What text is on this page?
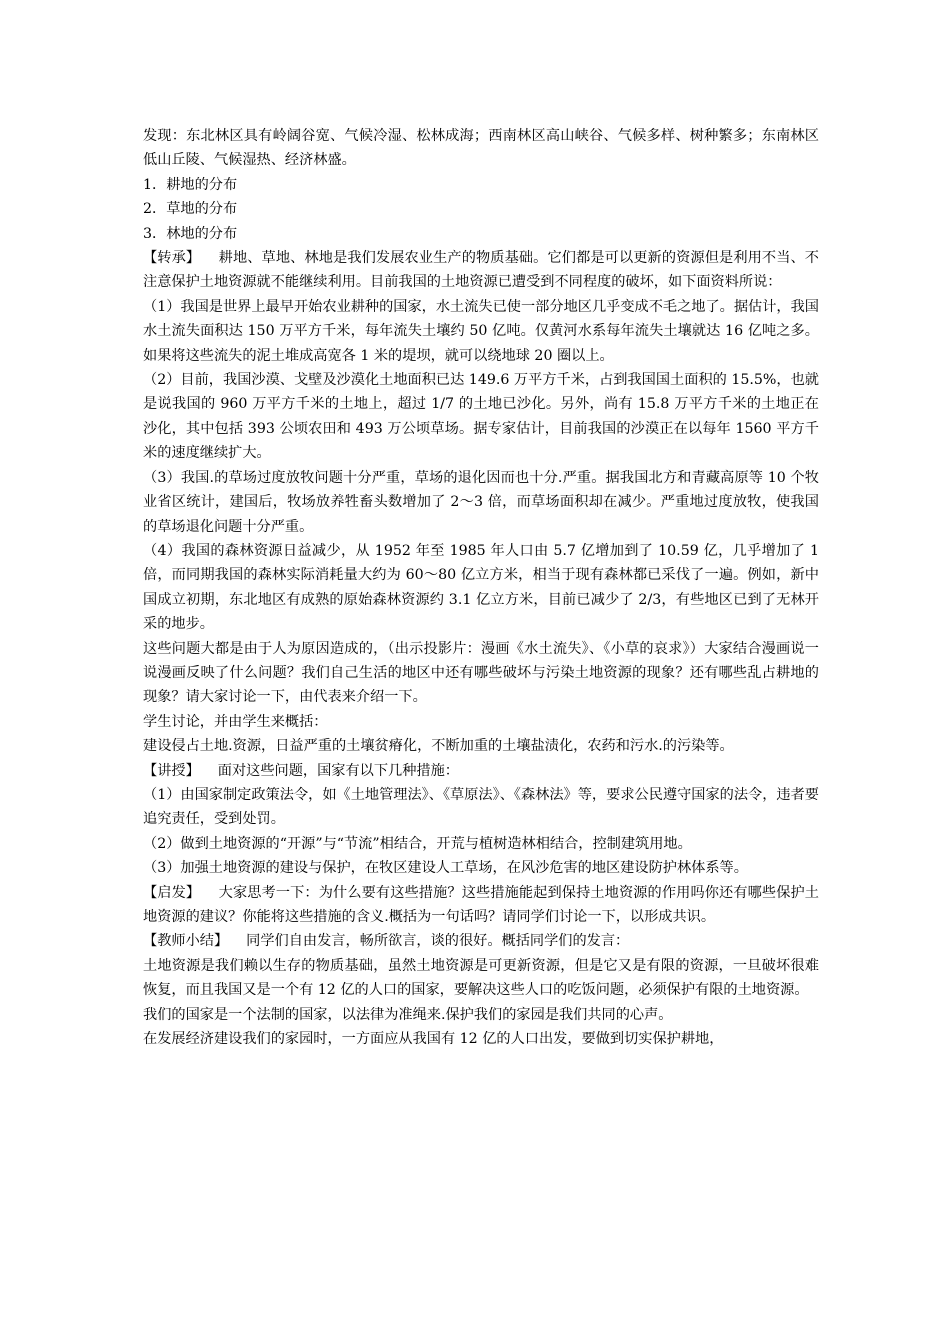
发现：东北林区具有岭阔谷宽、气候冷湿、松林成海；西南林区高山峡谷、气候多样、树种繁多；东南林区低山丘陵、气候湿热、经济林盛。

1．耕地的分布

2．草地的分布

3．林地的分布

【转承】    耕地、草地、林地是我们发展农业生产的物质基础。它们都是可以更新的资源但是利用不当、不注意保护土地资源就不能继续利用。目前我国的土地资源已遭受到不同程度的破坏，如下面资料所说：

（1）我国是世界上最早开始农业耕种的国家，水土流失已使一部分地区几乎变成不毛之地了。据估计，我国水土流失面积达 150 万平方千米，每年流失土壤约 50 亿吨。仅黄河水系每年流失土壤就达 16 亿吨之多。如果将这些流失的泥土堆成高宽各 1 米的堤坝，就可以绕地球 20 圈以上。

（2）目前，我国沙漠、戈壁及沙漠化土地面积已达 149.6 万平方千米，占到我国国土面积的 15.5%，也就是说我国的 960 万平方千米的土地上，超过 1/7 的土地已沙化。另外，尚有 15.8 万平方千米的土地正在沙化，其中包括 393 公顷农田和 493 万公顷草场。据专家估计，目前我国的沙漠正在以每年 1560 平方千米的速度继续扩大。

（3）我国.的草场过度放牧问题十分严重，草场的退化因而也十分.严重。据我国北方和青藏高原等 10 个牧业省区统计，建国后，牧场放养牲畜头数增加了 2～3 倍，而草场面积却在减少。严重地过度放牧，使我国的草场退化问题十分严重。

（4）我国的森林资源日益减少，从 1952 年至 1985 年人口由 5.7 亿增加到了 10.59 亿，几乎增加了 1 倍，而同期我国的森林实际消耗量大约为 60～80 亿立方米，相当于现有森林都已采伐了一遍。例如，新中国成立初期，东北地区有成熟的原始森林资源约 3.1 亿立方米，目前已减少了 2/3，有些地区已到了无林开采的地步。

这些问题大都是由于人为原因造成的，（出示投影片：漫画《水土流失》、《小草的哀求》）大家结合漫画说一说漫画反映了什么问题？我们自己生活的地区中还有哪些破坏与污染土地资源的现象？还有哪些乱占耕地的现象？请大家讨论一下，由代表来介绍一下。

学生讨论，并由学生来概括：

建设侵占土地.资源，日益严重的土壤贫瘠化，不断加重的土壤盐渍化，农药和污水.的污染等。

【讲授】    面对这些问题，国家有以下几种措施：

（1）由国家制定政策法令，如《土地管理法》、《草原法》、《森林法》等，要求公民遵守国家的法令，违者要追究责任，受到处罚。

（2）做到土地资源的“开源”与“节流”相结合，开荒与植树造林相结合，控制建筑用地。

（3）加强土地资源的建设与保护，在牧区建设人工草场，在风沙危害的地区建设防护林体系等。

【启发】    大家思考一下：为什么要有这些措施？这些措施能起到保持土地资源的作用吗你还有哪些保护土地资源的建议？你能将这些措施的含义.概括为一句话吗？请同学们讨论一下，以形成共识。

【教师小结】    同学们自由发言，畅所欲言，谈的很好。概括同学们的发言：

土地资源是我们赖以生存的物质基础，虽然土地资源是可更新资源，但是它又是有限的资源，一旦破坏很难恢复，而且我国又是一个有 12 亿的人口的国家，要解决这些人口的吃饭问题，必须保护有限的土地资源。

我们的国家是一个法制的国家，以法律为准绳来.保护我们的家园是我们共同的心声。

在发展经济建设我们的家园时，一方面应从我国有 12 亿的人口出发，要做到切实保护耕地，
